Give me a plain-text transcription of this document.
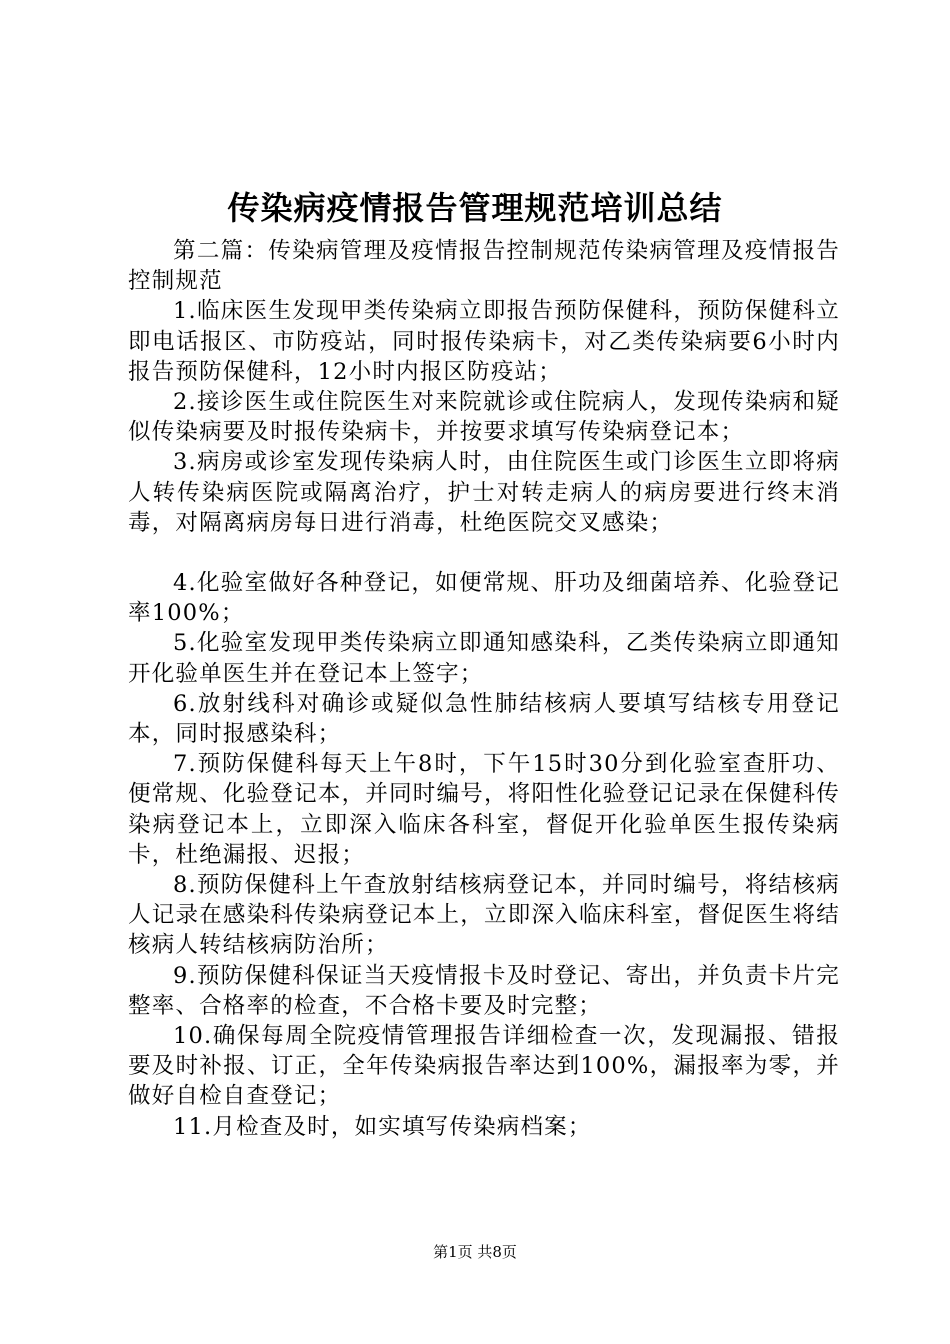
传染病疫情报告管理规范培训总结

第二篇：传染病管理及疫情报告控制规范传染病管理及疫情报告控制规范

1.临床医生发现甲类传染病立即报告预防保健科，预防保健科立即电话报区、市防疫站，同时报传染病卡，对乙类传染病要6小时内报告预防保健科，12小时内报区防疫站；

2.接诊医生或住院医生对来院就诊或住院病人，发现传染病和疑似传染病要及时报传染病卡，并按要求填写传染病登记本；

3.病房或诊室发现传染病人时，由住院医生或门诊医生立即将病人转传染病医院或隔离治疗，护士对转走病人的病房要进行终末消毒，对隔离病房每日进行消毒，杜绝医院交叉感染；

4.化验室做好各种登记，如便常规、肝功及细菌培养、化验登记率100%；

5.化验室发现甲类传染病立即通知感染科，乙类传染病立即通知开化验单医生并在登记本上签字；

6.放射线科对确诊或疑似急性肺结核病人要填写结核专用登记本，同时报感染科；

7.预防保健科每天上午8时，下午15时30分到化验室查肝功、便常规、化验登记本，并同时编号，将阳性化验登记记录在保健科传染病登记本上，立即深入临床各科室，督促开化验单医生报传染病卡，杜绝漏报、迟报；

8.预防保健科上午查放射结核病登记本，并同时编号，将结核病人记录在感染科传染病登记本上，立即深入临床科室，督促医生将结核病人转结核病防治所；

9.预防保健科保证当天疫情报卡及时登记、寄出，并负责卡片完整率、合格率的检查，不合格卡要及时完整；

10.确保每周全院疫情管理报告详细检查一次，发现漏报、错报要及时补报、订正，全年传染病报告率达到100%，漏报率为零，并做好自检自查登记；

11.月检查及时，如实填写传染病档案；

第1页 共8页
